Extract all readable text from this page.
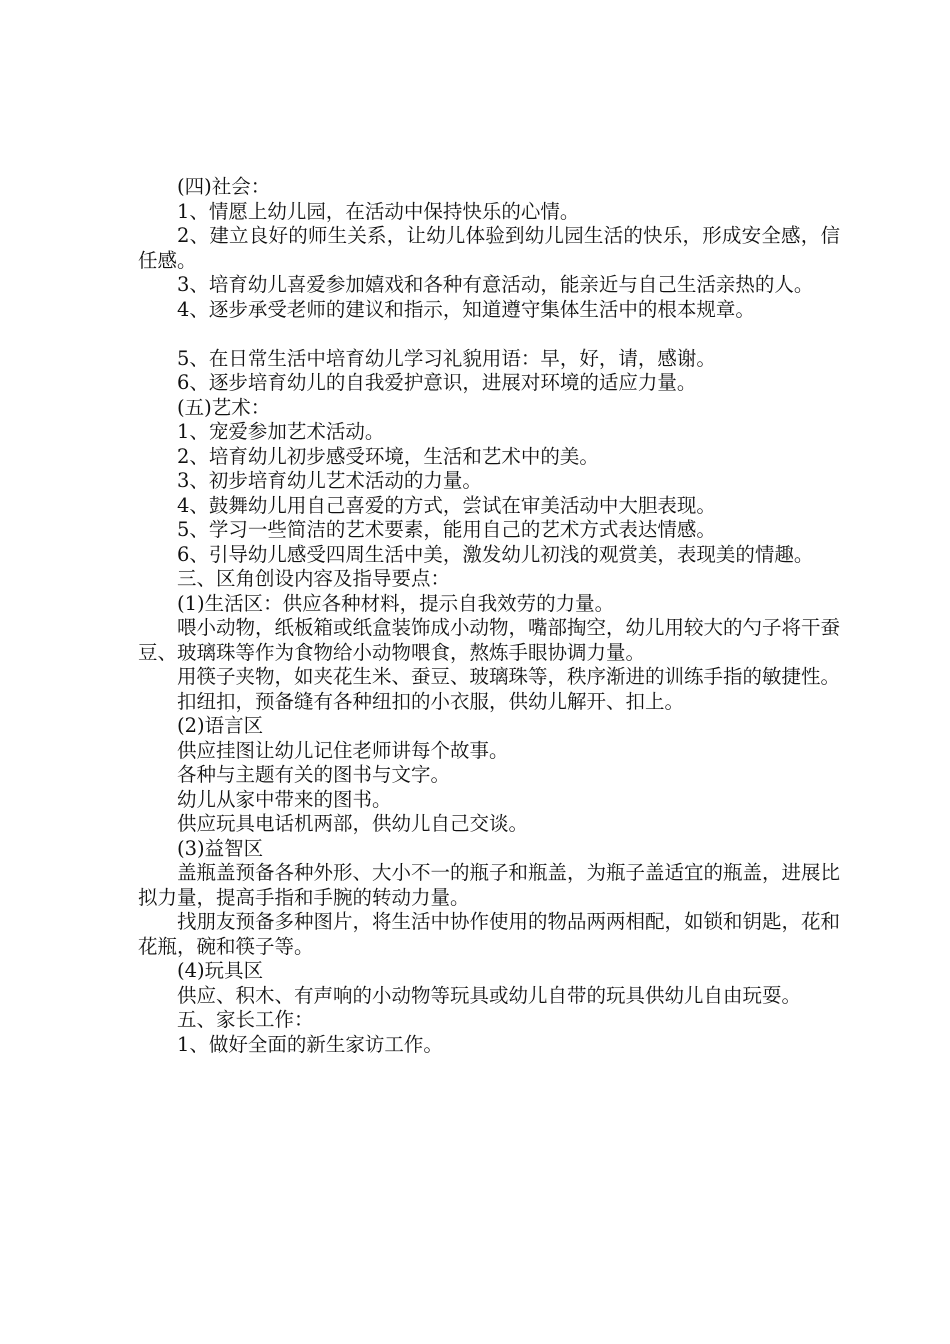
(四)社会：

1、情愿上幼儿园，在活动中保持快乐的心情。

2、建立良好的师生关系，让幼儿体验到幼儿园生活的快乐，形成安全感，信任感。

3、培育幼儿喜爱参加嬉戏和各种有意活动，能亲近与自己生活亲热的人。

4、逐步承受老师的建议和指示，知道遵守集体生活中的根本规章。

5、在日常生活中培育幼儿学习礼貌用语：早，好，请，感谢。

6、逐步培育幼儿的自我爱护意识，进展对环境的适应力量。

(五)艺术：

1、宠爱参加艺术活动。

2、培育幼儿初步感受环境，生活和艺术中的美。

3、初步培育幼儿艺术活动的力量。

4、鼓舞幼儿用自己喜爱的方式，尝试在审美活动中大胆表现。

5、学习一些简洁的艺术要素，能用自己的艺术方式表达情感。

6、引导幼儿感受四周生活中美，激发幼儿初浅的观赏美，表现美的情趣。

三、区角创设内容及指导要点：

(1)生活区：供应各种材料，提示自我效劳的力量。

喂小动物，纸板箱或纸盒装饰成小动物，嘴部掏空，幼儿用较大的勺子将干蚕豆、玻璃珠等作为食物给小动物喂食，熬炼手眼协调力量。

用筷子夹物，如夹花生米、蚕豆、玻璃珠等，秩序渐进的训练手指的敏捷性。

扣纽扣，预备缝有各种纽扣的小衣服，供幼儿解开、扣上。

(2)语言区

供应挂图让幼儿记住老师讲每个故事。

各种与主题有关的图书与文字。

幼儿从家中带来的图书。

供应玩具电话机两部，供幼儿自己交谈。

(3)益智区

盖瓶盖预备各种外形、大小不一的瓶子和瓶盖，为瓶子盖适宜的瓶盖，进展比拟力量，提高手指和手腕的转动力量。

找朋友预备多种图片，将生活中协作使用的物品两两相配，如锁和钥匙，花和花瓶，碗和筷子等。

(4)玩具区

供应、积木、有声响的小动物等玩具或幼儿自带的玩具供幼儿自由玩耍。

五、家长工作：

1、做好全面的新生家访工作。
